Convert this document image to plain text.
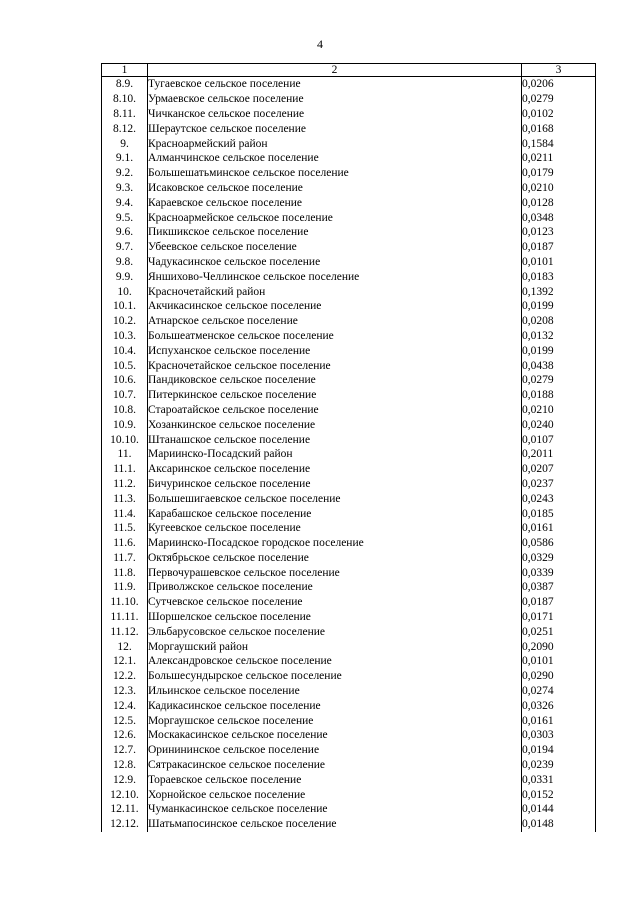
4
1	2	3
8.9.	Тугаевское сельское поселение	0,0206
8.10.	Урмаевское сельское поселение	0,0279
8.11.	Чичканское сельское поселение	0,0102
8.12.	Шераутское сельское поселение	0,0168
9.	Красноармейский район	0,1584
9.1.	Алманчинское сельское поселение	0,0211
9.2.	Большешатьминское сельское поселение	0,0179
9.3.	Исаковское сельское поселение	0,0210
9.4.	Караевское сельское поселение	0,0128
9.5.	Красноармейское сельское поселение	0,0348
9.6.	Пикшикское сельское поселение	0,0123
9.7.	Убеевское сельское поселение	0,0187
9.8.	Чадукасинское сельское поселение	0,0101
9.9.	Яншихово-Челлинское сельское поселение	0,0183
10.	Красночетайский район	0,1392
10.1.	Акчикасинское сельское поселение	0,0199
10.2.	Атнарское сельское поселение	0,0208
10.3.	Большеатменское сельское поселение	0,0132
10.4.	Испуханское сельское поселение	0,0199
10.5.	Красночетайское сельское поселение	0,0438
10.6.	Пандиковское сельское поселение	0,0279
10.7.	Питеркинское сельское поселение	0,0188
10.8.	Староатайское сельское поселение	0,0210
10.9.	Хозанкинское сельское поселение	0,0240
10.10.	Штанашское сельское поселение	0,0107
11.	Мариинско-Посадский район	0,2011
11.1.	Аксаринское сельское поселение	0,0207
11.2.	Бичуринское сельское поселение	0,0237
11.3.	Большешигаевское сельское поселение	0,0243
11.4.	Карабашское сельское поселение	0,0185
11.5.	Кугеевское сельское поселение	0,0161
11.6.	Мариинско-Посадское городское поселение	0,0586
11.7.	Октябрьское сельское поселение	0,0329
11.8.	Первочурашевское сельское поселение	0,0339
11.9.	Приволжское сельское поселение	0,0387
11.10.	Сутчевское сельское поселение	0,0187
11.11.	Шоршелское сельское поселение	0,0171
11.12.	Эльбарусовское сельское поселение	0,0251
12.	Моргаушский район	0,2090
12.1.	Александровское сельское поселение	0,0101
12.2.	Большесундырское сельское поселение	0,0290
12.3.	Ильинское сельское поселение	0,0274
12.4.	Кадикасинское сельское поселение	0,0326
12.5.	Моргаушское сельское поселение	0,0161
12.6.	Москакасинское сельское поселение	0,0303
12.7.	Оринининское сельское поселение	0,0194
12.8.	Сятракасинское сельское поселение	0,0239
12.9.	Тораевское сельское поселение	0,0331
12.10.	Хорнойское сельское поселение	0,0152
12.11.	Чуманкасинское сельское поселение	0,0144
12.12.	Шатьмапосинское сельское поселение	0,0148
